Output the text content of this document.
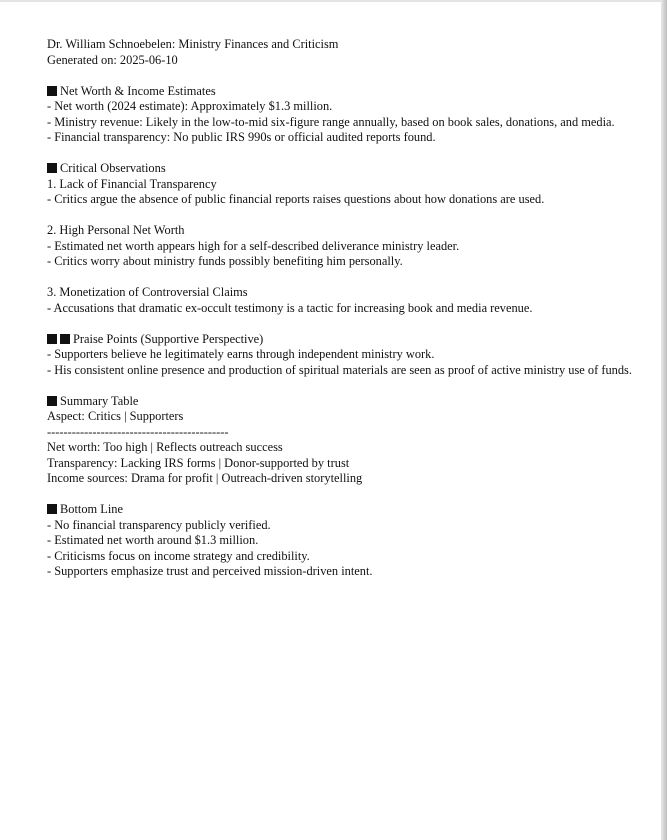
Dr. William Schnoebelen: Ministry Finances and Criticism
Generated on: 2025-06-10
Net Worth & Income Estimates
- Net worth (2024 estimate): Approximately $1.3 million.
- Ministry revenue: Likely in the low-to-mid six-figure range annually, based on book sales, donations, and media.
- Financial transparency: No public IRS 990s or official audited reports found.
Critical Observations
1. Lack of Financial Transparency
- Critics argue the absence of public financial reports raises questions about how donations are used.
2. High Personal Net Worth
- Estimated net worth appears high for a self-described deliverance ministry leader.
- Critics worry about ministry funds possibly benefiting him personally.
3. Monetization of Controversial Claims
- Accusations that dramatic ex-occult testimony is a tactic for increasing book and media revenue.
Praise Points (Supportive Perspective)
- Supporters believe he legitimately earns through independent ministry work.
- His consistent online presence and production of spiritual materials are seen as proof of active ministry use of funds.
Summary Table
Aspect: Critics | Supporters
--------------------------------------------
Net worth: Too high | Reflects outreach success
Transparency: Lacking IRS forms | Donor-supported by trust
Income sources: Drama for profit | Outreach-driven storytelling
Bottom Line
- No financial transparency publicly verified.
- Estimated net worth around $1.3 million.
- Criticisms focus on income strategy and credibility.
- Supporters emphasize trust and perceived mission-driven intent.
